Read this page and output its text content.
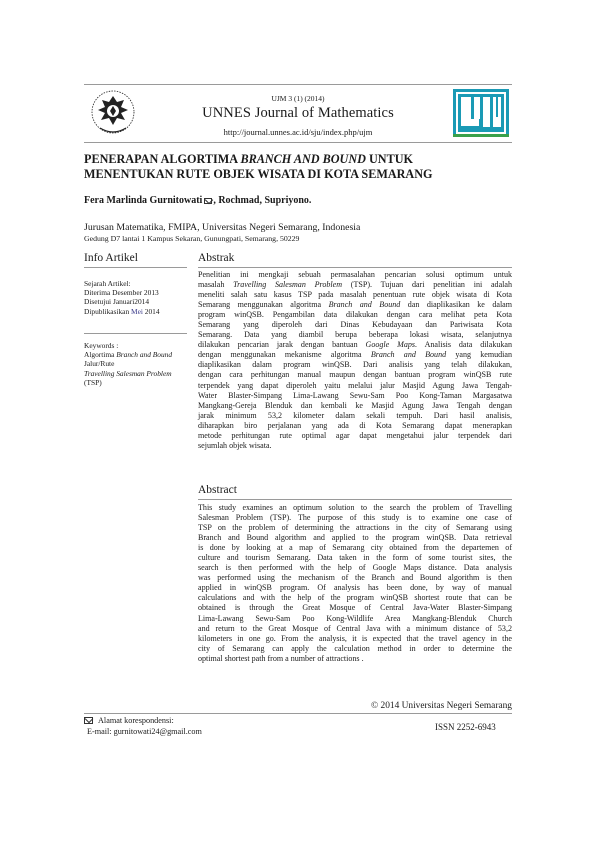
UJM 3 (1) (2014)
UNNES Journal of Mathematics
http://journal.unnes.ac.id/sju/index.php/ujm
PENERAPAN ALGORTIMA BRANCH AND BOUND UNTUK
MENENTUKAN RUTE OBJEK WISATA DI KOTA SEMARANG
Fera Marlinda Gurnitowati , Rochmad, Supriyono.
Jurusan Matematika, FMIPA, Universitas Negeri Semarang, Indonesia
Gedung D7 lantai 1 Kampus Sekaran, Gunungpati, Semarang, 50229
Info Artikel
Sejarah Artikel:
Diterima Desember 2013
Disetujui Januari2014
Dipublikasikan Mei 2014
Keywords :
Algortima Branch and Bound
Jalur/Rute
Travelling Salesman Problem
(TSP)
Abstrak
Penelitian ini mengkaji sebuah permasalahan pencarian solusi optimum untuk
masalah Travelling Salesman Problem (TSP). Tujuan dari penelitian ini adalah
meneliti salah satu kasus TSP pada masalah penentuan rute objek wisata di Kota
Semarang menggunakan algoritma Branch and Bound dan diaplikasikan ke dalam
program winQSB. Pengambilan data dilakukan dengan cara melihat peta Kota
Semarang yang diperoleh dari Dinas Kebudayaan dan Pariwisata Kota
Semarang. Data yang diambil berupa beberapa lokasi wisata, selanjutnya
dilakukan pencarian jarak dengan bantuan Google Maps. Analisis data dilakukan
dengan menggunakan mekanisme algoritma Branch and Bound yang kemudian
diaplikasikan dalam program winQSB. Dari analisis yang telah dilakukan,
dengan cara perhitungan manual maupun dengan bantuan program winQSB rute
terpendek yang dapat diperoleh yaitu melalui jalur Masjid Agung Jawa Tengah-
Water Blaster-Simpang Lima-Lawang Sewu-Sam Poo Kong-Taman Margasatwa
Mangkang-Gereja Blenduk dan kembali ke Masjid Agung Jawa Tengah dengan
jarak minimum 53,2 kilometer dalam sekali tempuh. Dari hasil analisis,
diharapkan biro perjalanan yang ada di Kota Semarang dapat menerapkan
metode perhitungan rute optimal agar dapat mengetahui jalur terpendek dari
sejumlah objek wisata.
Abstract
This study examines an optimum solution to the search the problem of Travelling
Salesman Problem (TSP). The purpose of this study is to examine one case of
TSP on the problem of determining the attractions in the city of Semarang using
Branch and Bound algorithm and applied to the program winQSB. Data retrieval
is done by looking at a map of Semarang city obtained from the departemen of
culture and tourism Semarang. Data taken in the form of some tourist sites, the
search is then performed with the help of Google Maps distance. Data analysis
was performed using the mechanism of the Branch and Bound algorithm is then
applied in winQSB program. Of analysis has been done, by way of manual
calculations and with the help of the program winQSB shortest route that can be
obtained is through the Great Mosque of Central Java-Water Blaster-Simpang
Lima-Lawang Sewu-Sam Poo Kong-Wildlife Area Mangkang-Blenduk Church
and return to the Great Mosque of Central Java with a minimum distance of 53,2
kilometers in one go. From the analysis, it is expected that the travel agency in the
city of Semarang can apply the calculation method in order to determine the
optimal shortest path from a number of attractions .
© 2014 Universitas Negeri Semarang
Alamat korespondensi:
E-mail: gurnitowati24@gmail.com	ISSN 2252-6943
